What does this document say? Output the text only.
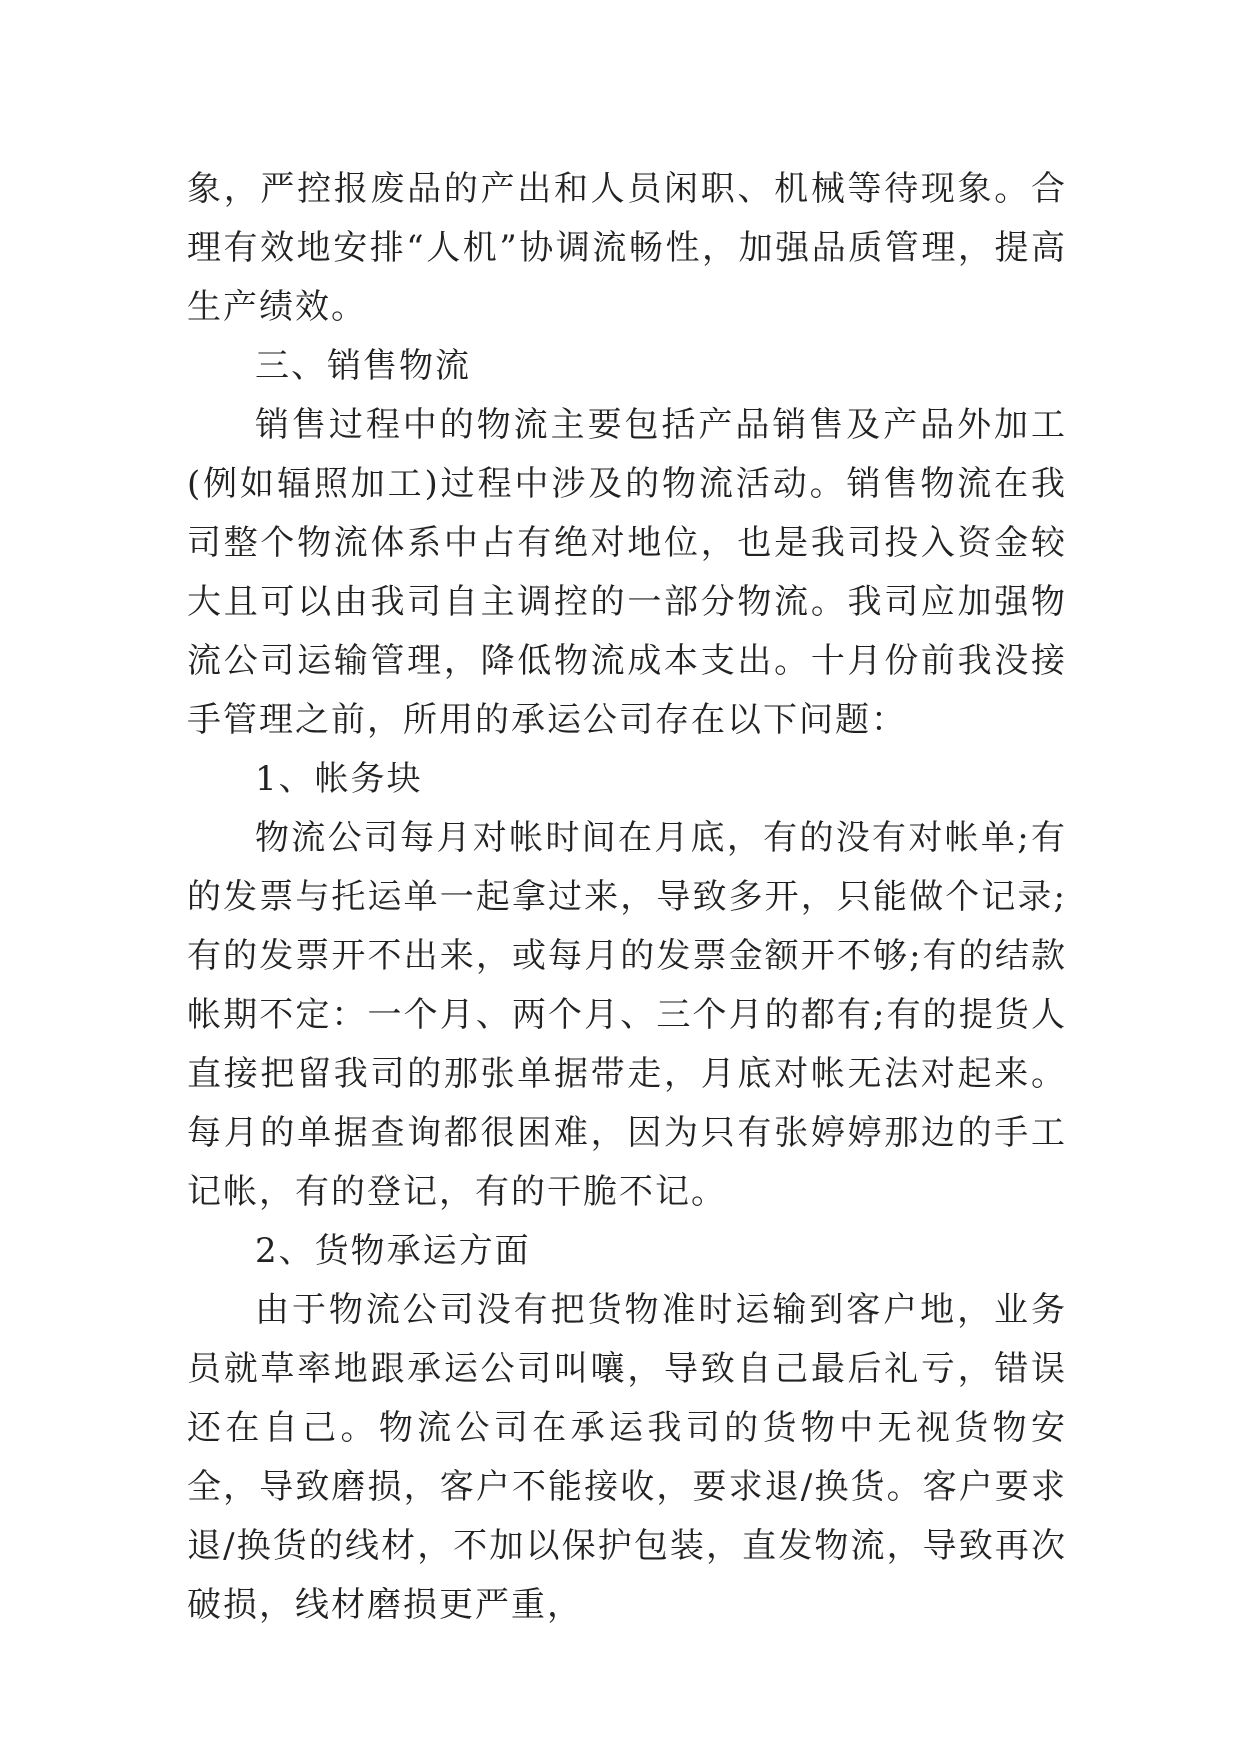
象，严控报废品的产出和人员闲职、机械等待现象。合理有效地安排“人机”协调流畅性，加强品质管理，提高生产绩效。

三、销售物流

销售过程中的物流主要包括产品销售及产品外加工(例如辐照加工)过程中涉及的物流活动。销售物流在我司整个物流体系中占有绝对地位，也是我司投入资金较大且可以由我司自主调控的一部分物流。我司应加强物流公司运输管理，降低物流成本支出。十月份前我没接手管理之前，所用的承运公司存在以下问题：

1、帐务块

物流公司每月对帐时间在月底，有的没有对帐单;有的发票与托运单一起拿过来，导致多开，只能做个记录;有的发票开不出来，或每月的发票金额开不够;有的结款帐期不定：一个月、两个月、三个月的都有;有的提货人直接把留我司的那张单据带走，月底对帐无法对起来。每月的单据查询都很困难，因为只有张婷婷那边的手工记帐，有的登记，有的干脆不记。

2、货物承运方面

由于物流公司没有把货物准时运输到客户地，业务员就草率地跟承运公司叫嚷，导致自己最后礼亏，错误还在自己。物流公司在承运我司的货物中无视货物安全，导致磨损，客户不能接收，要求退/换货。客户要求退/换货的线材，不加以保护包装，直发物流，导致再次破损，线材磨损更严重，
